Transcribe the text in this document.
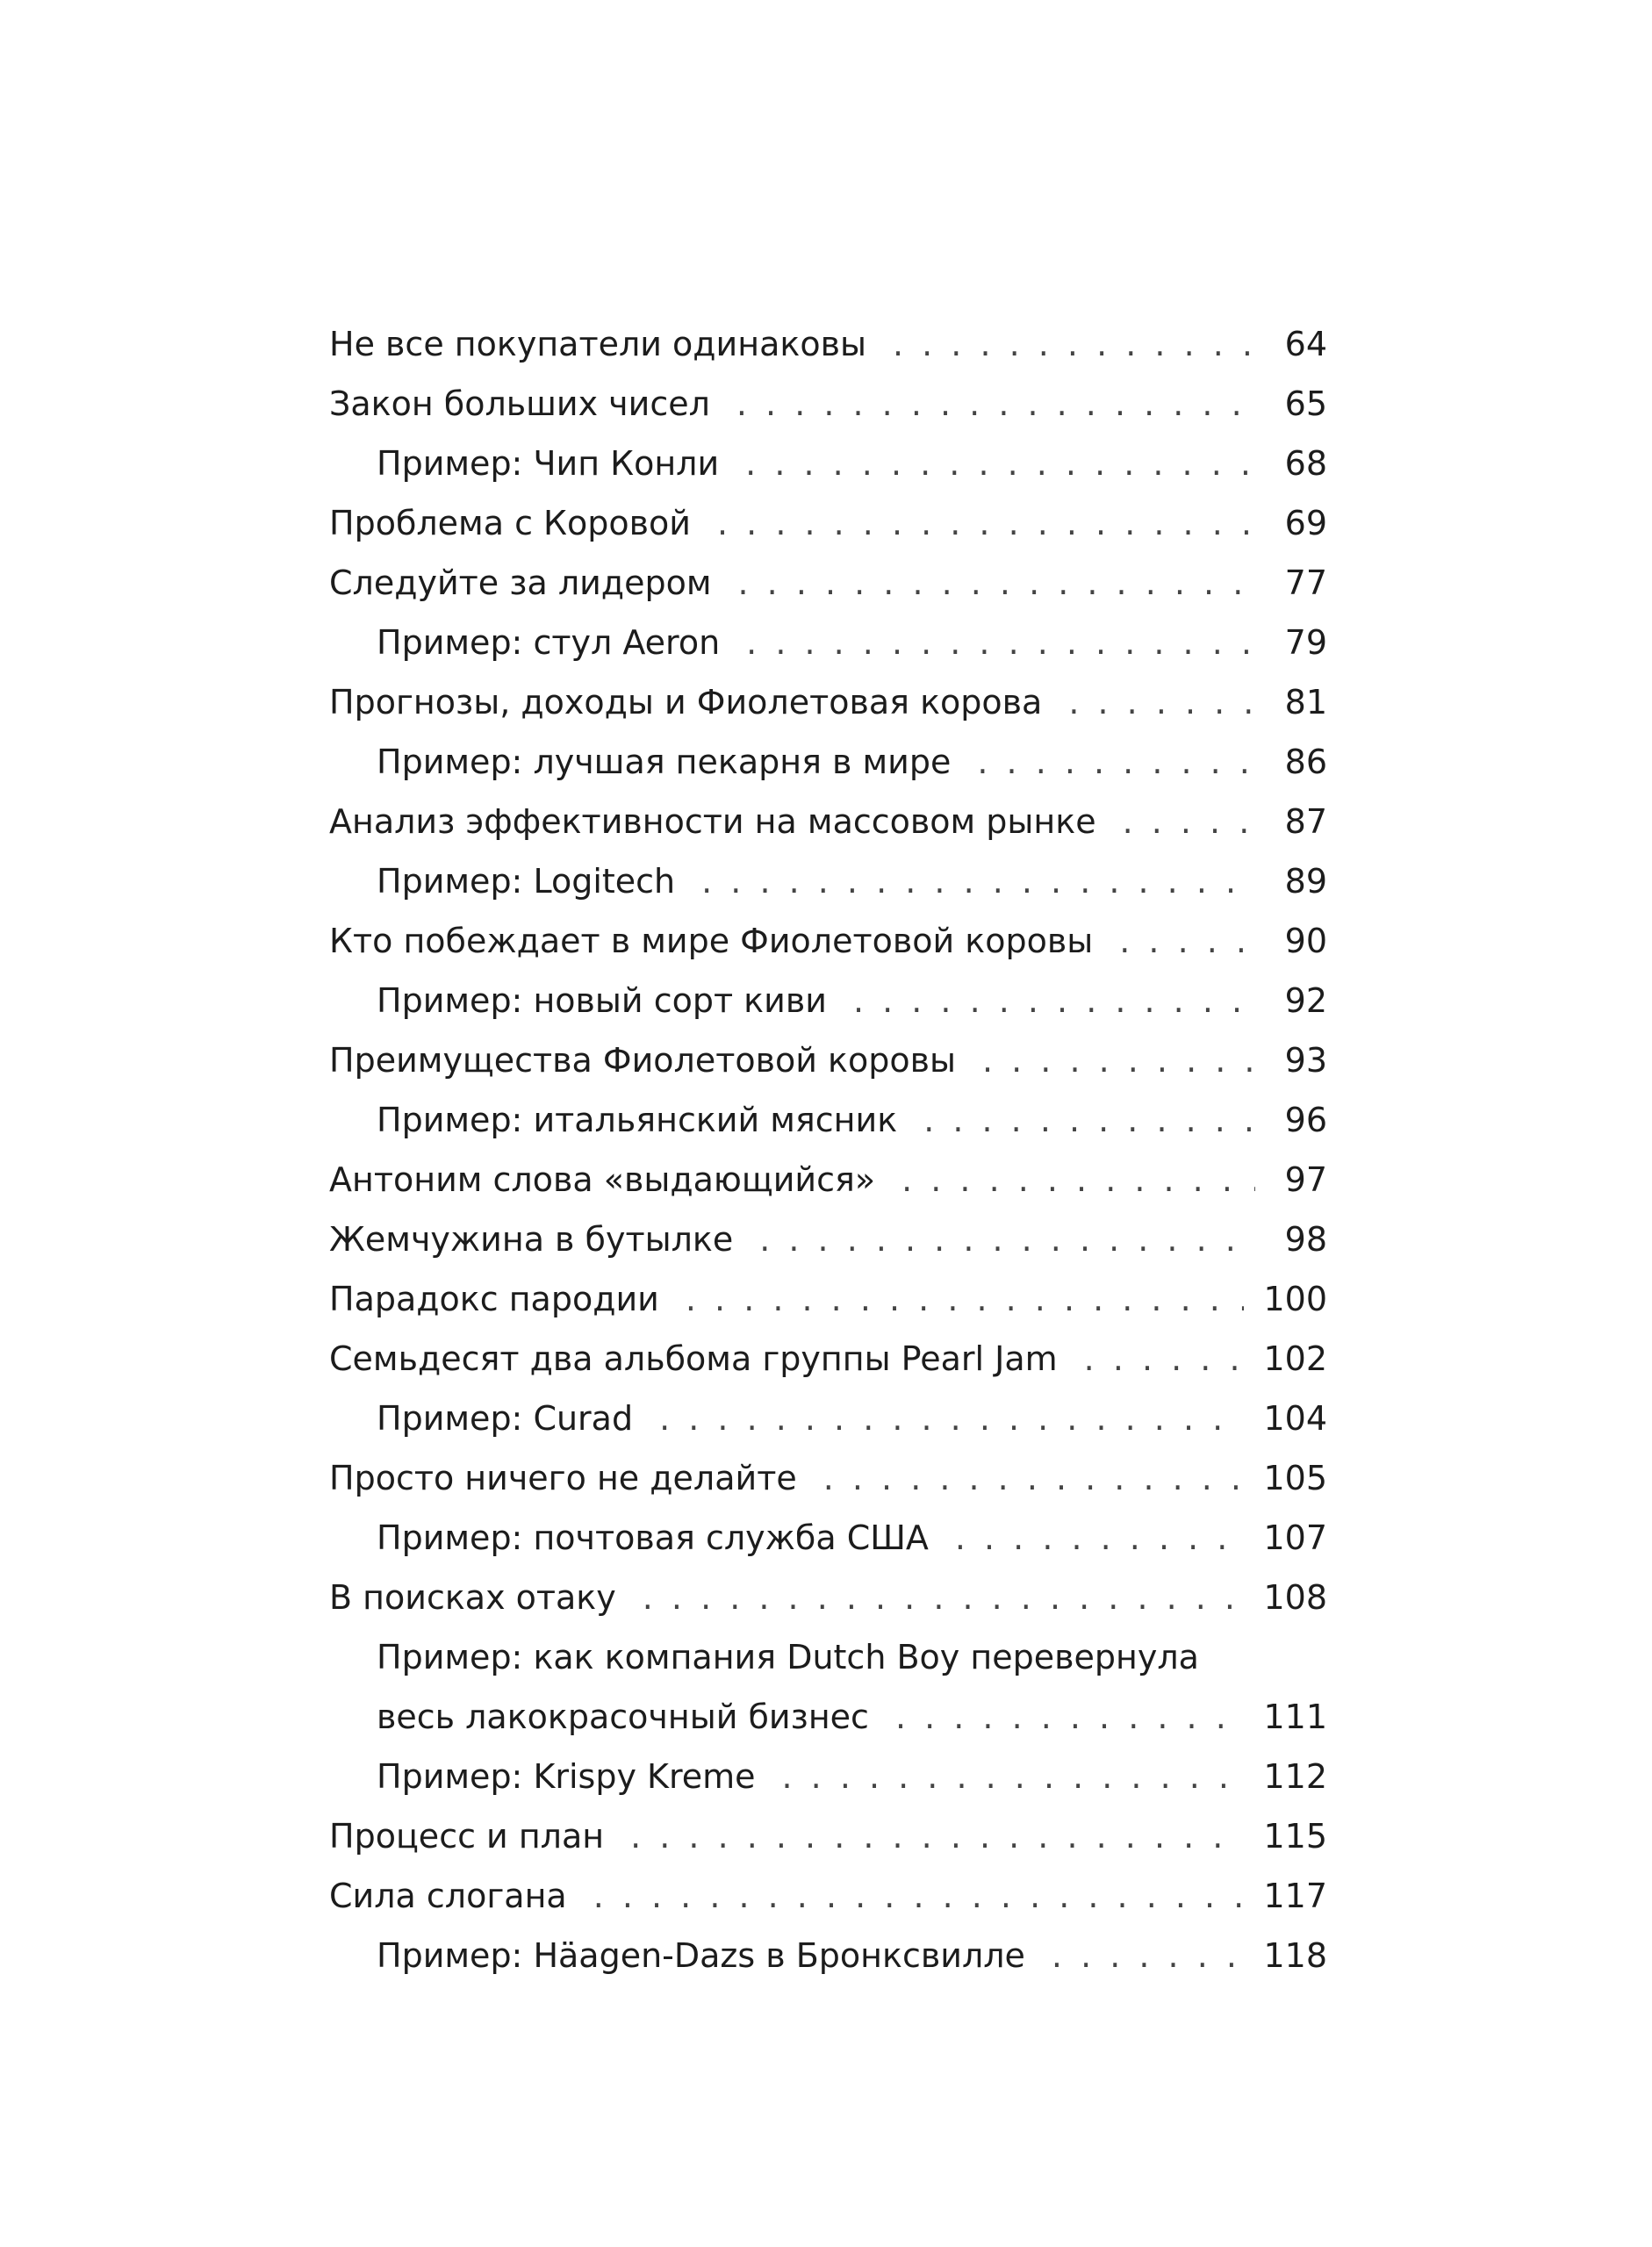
Не все покупатели одинаковы . . .	64
Закон больших чисел . . .	65
Пример: Чип Конли . . .	68
Проблема с Коровой . . .	69
Следуйте за лидером . . .	77
Пример: стул Aeron . . .	79
Прогнозы, доходы и Фиолетовая корова . . .	81
Пример: лучшая пекарня в мире . . .	86
Анализ эффективности на массовом рынке . . .	87
Пример: Logitech . . .	89
Кто побеждает в мире Фиолетовой коровы . . .	90
Пример: новый сорт киви . . .	92
Преимущества Фиолетовой коровы . . .	93
Пример: итальянский мясник . . .	96
Антоним слова «выдающийся» . . .	97
Жемчужина в бутылке . . .	98
Парадокс пародии . . .	100
Семьдесят два альбома группы Pearl Jam . . .	102
Пример: Curad . . .	104
Просто ничего не делайте . . .	105
Пример: почтовая служба США . . .	107
В поисках отаку . . .	108
Пример: как компания Dutch Boy перевернула
весь лакокрасочный бизнес . . .	111
Пример: Krispy Kreme . . .	112
Процесс и план . . .	115
Сила слогана . . .	117
Пример: Häagen-Dazs в Бронксвилле . . .	118
